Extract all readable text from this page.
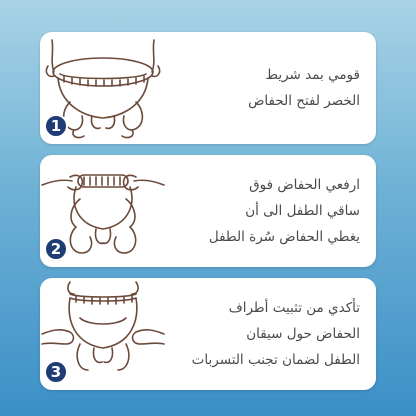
1
قومي بمد شريط
الخصر لفتح الحفاض
2
ارفعي الحفاض فوق
ساقي الطفل الى أن
يغطي الحفاض سُرة الطفل
3
تأكدي من تثبيت أطراف
الحفاض حول سيقان
الطفل لضمان تجنب التسربات
